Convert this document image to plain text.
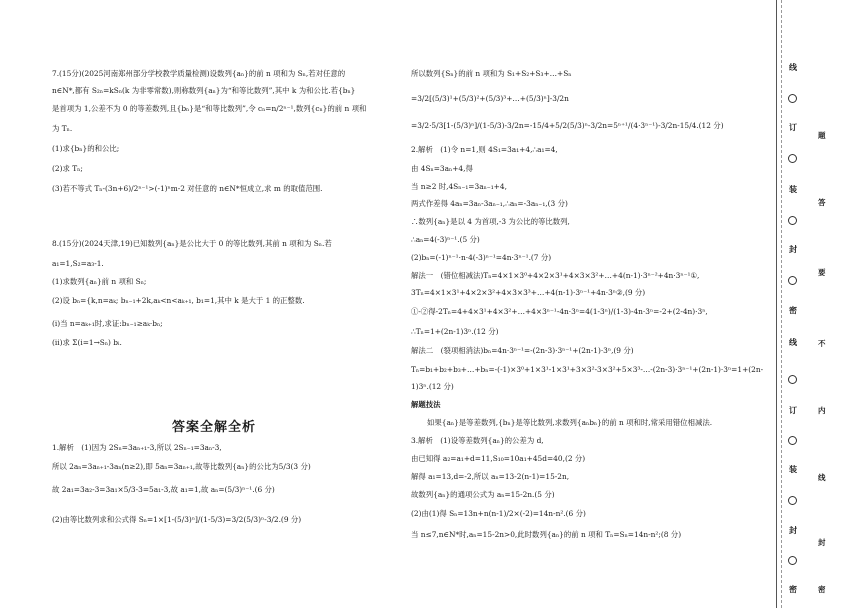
7.(15分)(2025河南郑州部分学校教学质量检测)设数列{aₙ}的前 n 项和为 Sₙ,若对任意的
n∈N*,都有 S₂ₙ=kSₙ(k 为非零常数),则称数列{aₙ}为“和等比数列”,其中 k 为和公比.若{bₙ}
是首项为 1,公差不为 0 的等差数列,且{bₙ}是“和等比数列”,令 cₙ=n/2ⁿ⁻¹,数列{cₙ}的前 n 项和
为 Tₙ.
(1)求{bₙ}的和公比;
(2)求 Tₙ;
(3)若不等式 Tₙ-(3n+6)/2ⁿ⁻¹>(-1)ⁿm-2 对任意的 n∈N*恒成立,求 m 的取值范围.
8.(15分)(2024天津,19)已知数列{aₙ}是公比大于 0 的等比数列,其前 n 项和为 Sₙ.若
a₁=1,S₂=a₃-1.
(1)求数列{aₙ}前 n 项和 Sₙ;
(2)设 bₙ={k,n=aₖ; bₙ₋₁+2k,aₖ<n<aₖ₊₁, b₁=1,其中 k 是大于 1 的正整数.
(i)当 n=aₖ₊₁时,求证:bₙ₋₁≥aₖ·bₙ;
(ii)求 Σ(i=1→Sₙ) bᵢ.
答案全解全析
1.解析　(1)因为 2Sₙ=3aₙ₊₁-3,所以 2Sₙ₋₁=3aₙ-3,
所以 2aₙ=3aₙ₊₁-3aₙ(n≥2),即 5aₙ=3aₙ₊₁,故等比数列{aₙ}的公比为5/3(3 分)
故 2a₁=3a₂-3=3a₁×5/3-3=5a₁-3,故 a₁=1,故 aₙ=(5/3)ⁿ⁻¹.(6 分)
(2)由等比数列求和公式得 Sₙ=1×[1-(5/3)ⁿ]/(1-5/3)=3/2(5/3)ⁿ-3/2.(9 分)
所以数列{Sₙ}的前 n 项和为 S₁+S₂+S₃+…+Sₙ
=3/2[(5/3)¹+(5/3)²+(5/3)³+…+(5/3)ⁿ]-3/2n
=3/2·5/3[1-(5/3)ⁿ]/(1-5/3)-3/2n=-15/4+5/2(5/3)ⁿ-3/2n=5ⁿ⁺¹/(4·3ⁿ⁻¹)-3/2n-15/4.(12 分)
2.解析　(1)令 n=1,则 4S₁=3a₁+4,∴a₁=4,
由 4Sₙ=3aₙ+4,得
当 n≥2 时,4Sₙ₋₁=3aₙ₋₁+4,
两式作差得 4aₙ=3aₙ-3aₙ₋₁,∴aₙ=-3aₙ₋₁,(3 分)
∴数列{aₙ}是以 4 为首项,-3 为公比的等比数列,
∴aₙ=4(-3)ⁿ⁻¹.(5 分)
(2)bₙ=(-1)ⁿ⁻¹·n·4(-3)ⁿ⁻¹=4n·3ⁿ⁻¹.(7 分)
解法一　(错位相减法)Tₙ=4×1×3⁰+4×2×3¹+4×3×3²+…+4(n-1)·3ⁿ⁻²+4n·3ⁿ⁻¹①,
3Tₙ=4×1×3¹+4×2×3²+4×3×3³+…+4(n-1)·3ⁿ⁻¹+4n·3ⁿ②,(9 分)
①-②得-2Tₙ=4+4×3¹+4×3²+…+4×3ⁿ⁻¹-4n·3ⁿ=4(1-3ⁿ)/(1-3)-4n·3ⁿ=-2+(2-4n)·3ⁿ,
∴Tₙ=1+(2n-1)3ⁿ.(12 分)
解法二　(裂项相消法)bₙ=4n·3ⁿ⁻¹=-(2n-3)·3ⁿ⁻¹+(2n-1)·3ⁿ,(9 分)
Tₙ=b₁+b₂+b₃+…+bₙ=-(-1)×3⁰+1×3¹-1×3¹+3×3²-3×3²+5×3³-…-(2n-3)·3ⁿ⁻¹+(2n-1)·3ⁿ=1+(2n-
1)3ⁿ.(12 分)
解题技法
如果{aₙ}是等差数列,{bₙ}是等比数列,求数列{aₙbₙ}的前 n 项和时,常采用错位相减法.
3.解析　(1)设等差数列{aₙ}的公差为 d,
由已知得 a₂=a₁+d=11,S₁₀=10a₁+45d=40,(2 分)
解得 a₁=13,d=-2,所以 aₙ=13-2(n-1)=15-2n,
故数列{aₙ}的通项公式为 aₙ=15-2n.(5 分)
(2)由(1)得 Sₙ=13n+n(n-1)/2×(-2)=14n-n².(6 分)
当 n≤7,n∈N*时,aₙ=15-2n>0,此时数列{aₙ}的前 n 项和 Tₙ=Sₙ=14n-n²;(8 分)
线
订
装
封
密
线
订
装
封
密
题
答
要
不
内
线
封
密
